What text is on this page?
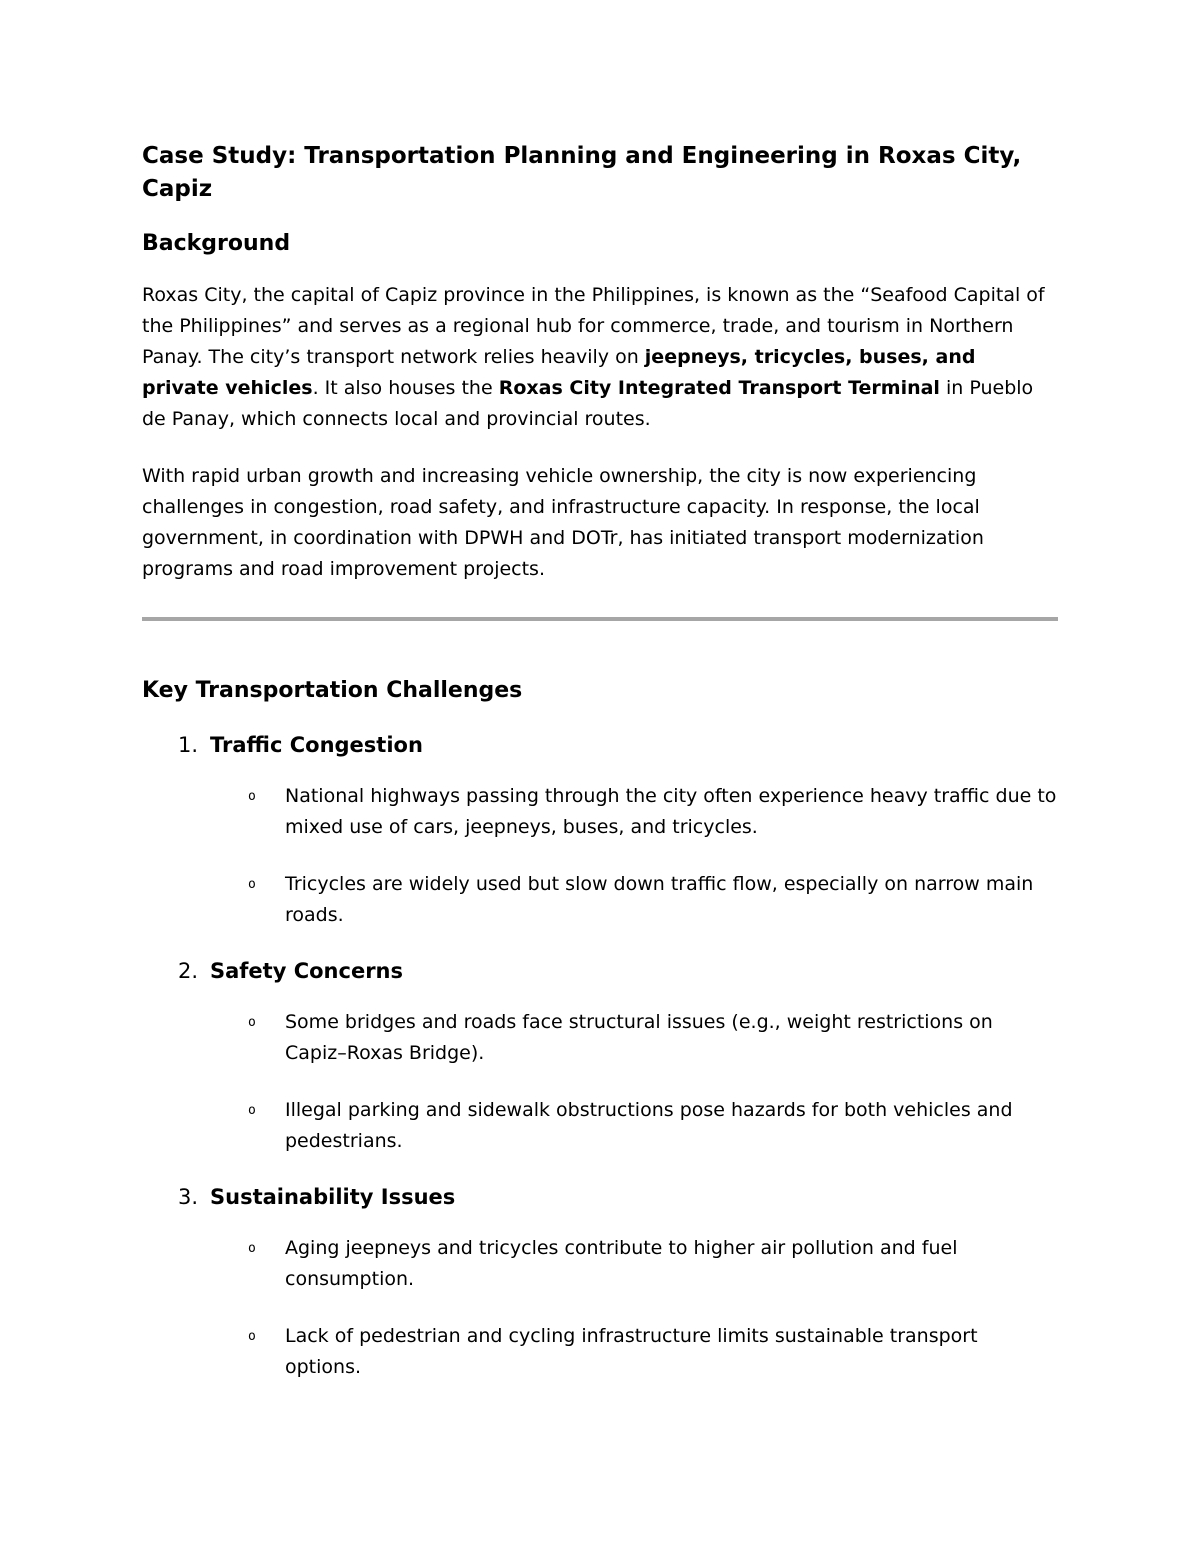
Case Study: Transportation Planning and Engineering in Roxas City, Capiz
Background

Roxas City, the capital of Capiz province in the Philippines, is known as the “Seafood Capital of the Philippines” and serves as a regional hub for commerce, trade, and tourism in Northern Panay. The city’s transport network relies heavily on jeepneys, tricycles, buses, and private vehicles. It also houses the Roxas City Integrated Transport Terminal in Pueblo de Panay, which connects local and provincial routes.

With rapid urban growth and increasing vehicle ownership, the city is now experiencing challenges in congestion, road safety, and infrastructure capacity. In response, the local government, in coordination with DPWH and DOTr, has initiated transport modernization programs and road improvement projects.

Key Transportation Challenges
1. Traffic Congestion
o	National highways passing through the city often experience heavy traffic due to mixed use of cars, jeepneys, buses, and tricycles.
o	Tricycles are widely used but slow down traffic flow, especially on narrow main roads.
2. Safety Concerns
o	Some bridges and roads face structural issues (e.g., weight restrictions on Capiz–Roxas Bridge).
o	Illegal parking and sidewalk obstructions pose hazards for both vehicles and pedestrians.
3. Sustainability Issues
o	Aging jeepneys and tricycles contribute to higher air pollution and fuel consumption.
o	Lack of pedestrian and cycling infrastructure limits sustainable transport options.
